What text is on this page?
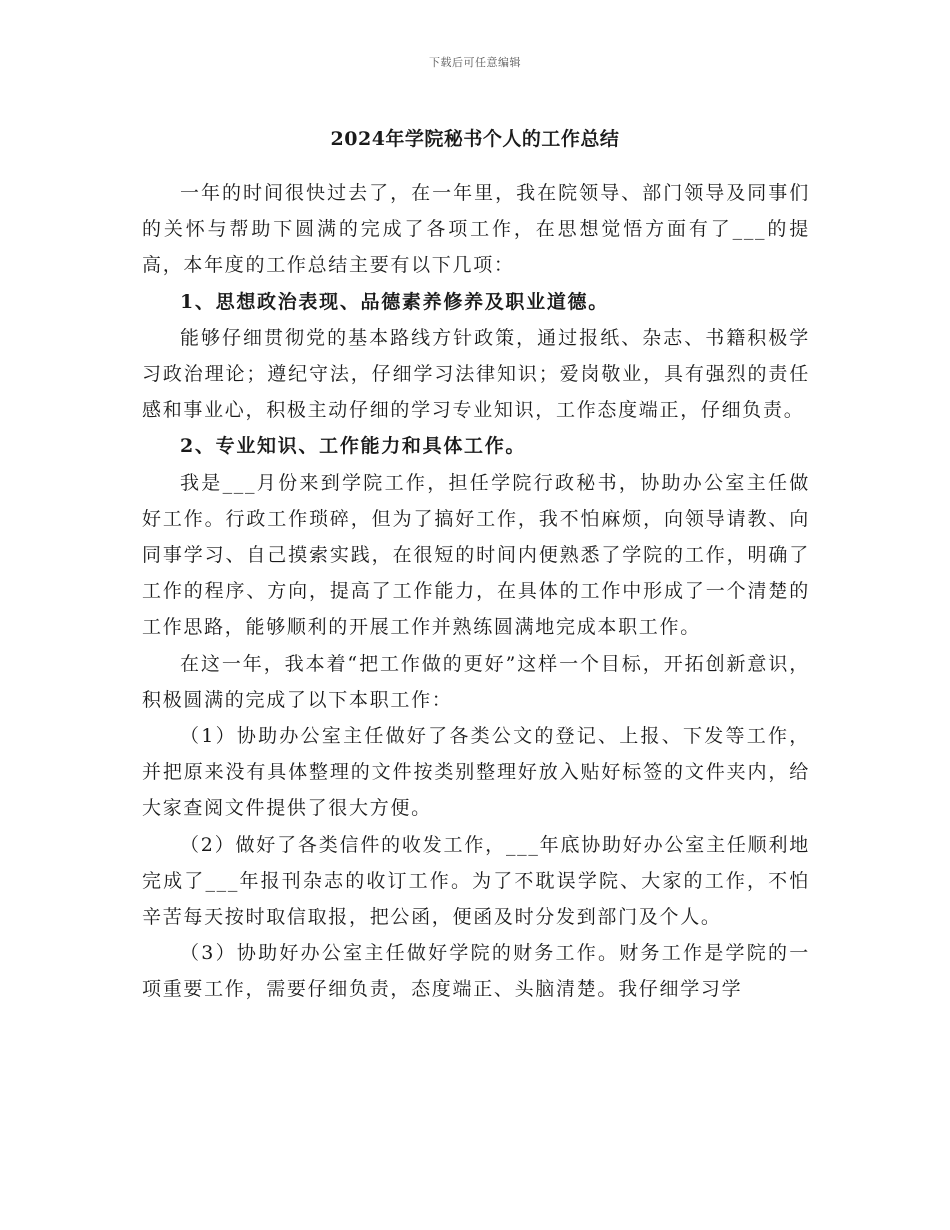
下载后可任意编辑
2024年学院秘书个人的工作总结

一年的时间很快过去了，在一年里，我在院领导、部门领导及同事们的关怀与帮助下圆满的完成了各项工作，在思想觉悟方面有了___的提高，本年度的工作总结主要有以下几项：

1、思想政治表现、品德素养修养及职业道德。

能够仔细贯彻党的基本路线方针政策，通过报纸、杂志、书籍积极学习政治理论；遵纪守法，仔细学习法律知识；爱岗敬业，具有强烈的责任感和事业心，积极主动仔细的学习专业知识，工作态度端正，仔细负责。

2、专业知识、工作能力和具体工作。

我是___月份来到学院工作，担任学院行政秘书，协助办公室主任做好工作。行政工作琐碎，但为了搞好工作，我不怕麻烦，向领导请教、向同事学习、自己摸索实践，在很短的时间内便熟悉了学院的工作，明确了工作的程序、方向，提高了工作能力，在具体的工作中形成了一个清楚的工作思路，能够顺利的开展工作并熟练圆满地完成本职工作。

在这一年，我本着“把工作做的更好”这样一个目标，开拓创新意识，积极圆满的完成了以下本职工作：

（1）协助办公室主任做好了各类公文的登记、上报、下发等工作，并把原来没有具体整理的文件按类别整理好放入贴好标签的文件夹内，给大家查阅文件提供了很大方便。

（2）做好了各类信件的收发工作，___年底协助好办公室主任顺利地完成了___年报刊杂志的收订工作。为了不耽误学院、大家的工作，不怕辛苦每天按时取信取报，把公函，便函及时分发到部门及个人。

（3）协助好办公室主任做好学院的财务工作。财务工作是学院的一项重要工作，需要仔细负责，态度端正、头脑清楚。我仔细学习学
